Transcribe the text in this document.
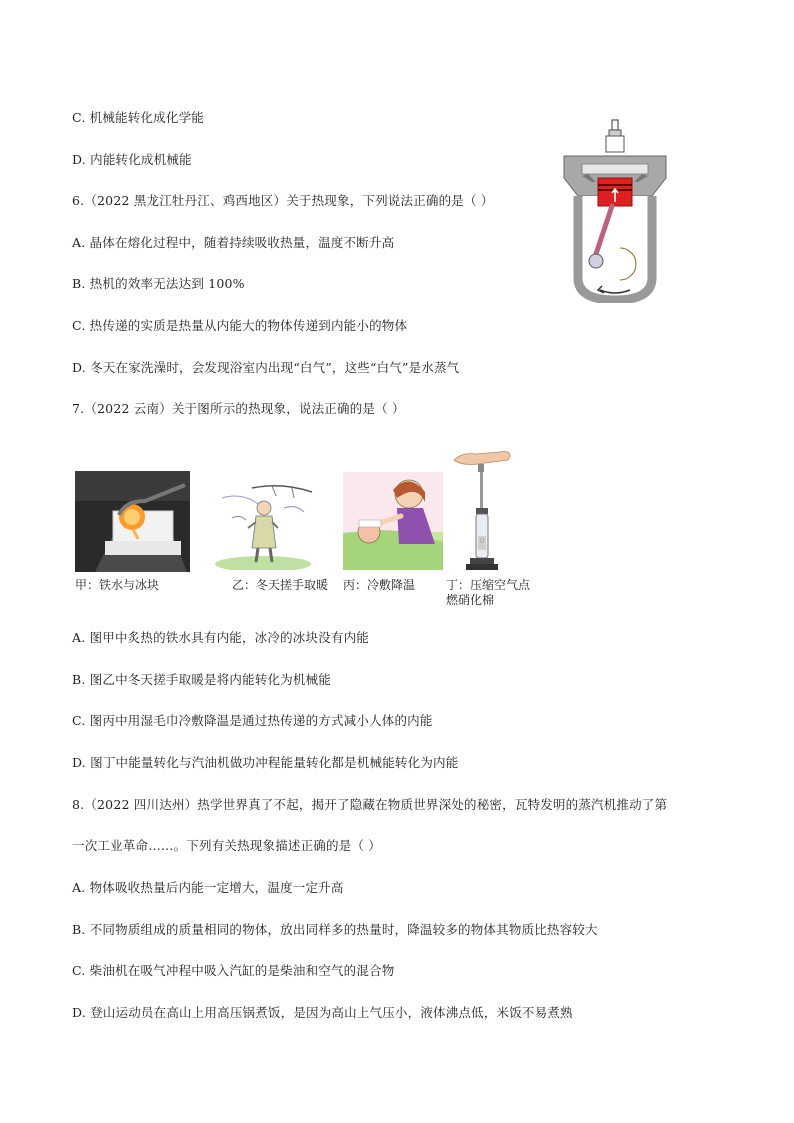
C. 机械能转化成化学能
D. 内能转化成机械能
6.（2022 黑龙江牡丹江、鸡西地区）关于热现象，下列说法正确的是（ ）
A. 晶体在熔化过程中，随着持续吸收热量，温度不断升高
B. 热机的效率无法达到 100%
C. 热传递的实质是热量从内能大的物体传递到内能小的物体
D. 冬天在家洗澡时，会发现浴室内出现“白气”，这些“白气”是水蒸气
7.（2022 云南）关于图所示的热现象，说法正确的是（ ）
甲：铁水与冰块	乙：冬天搓手取暖 丙：冷敷降温	丁：压缩空气点
燃硝化棉
A. 图甲中炙热的铁水具有内能，冰冷的冰块没有内能
B. 图乙中冬天搓手取暖是将内能转化为机械能
C. 图丙中用湿毛巾冷敷降温是通过热传递的方式减小人体的内能
D. 图丁中能量转化与汽油机做功冲程能量转化都是机械能转化为内能
8.（2022 四川达州）热学世界真了不起，揭开了隐藏在物质世界深处的秘密，瓦特发明的蒸汽机推动了第
一次工业革命……。下列有关热现象描述正确的是（ ）
A. 物体吸收热量后内能一定增大，温度一定升高
B. 不同物质组成的质量相同的物体，放出同样多的热量时，降温较多的物体其物质比热容较大
C. 柴油机在吸气冲程中吸入汽缸的是柴油和空气的混合物
D. 登山运动员在高山上用高压锅煮饭，是因为高山上气压小，液体沸点低，米饭不易煮熟
